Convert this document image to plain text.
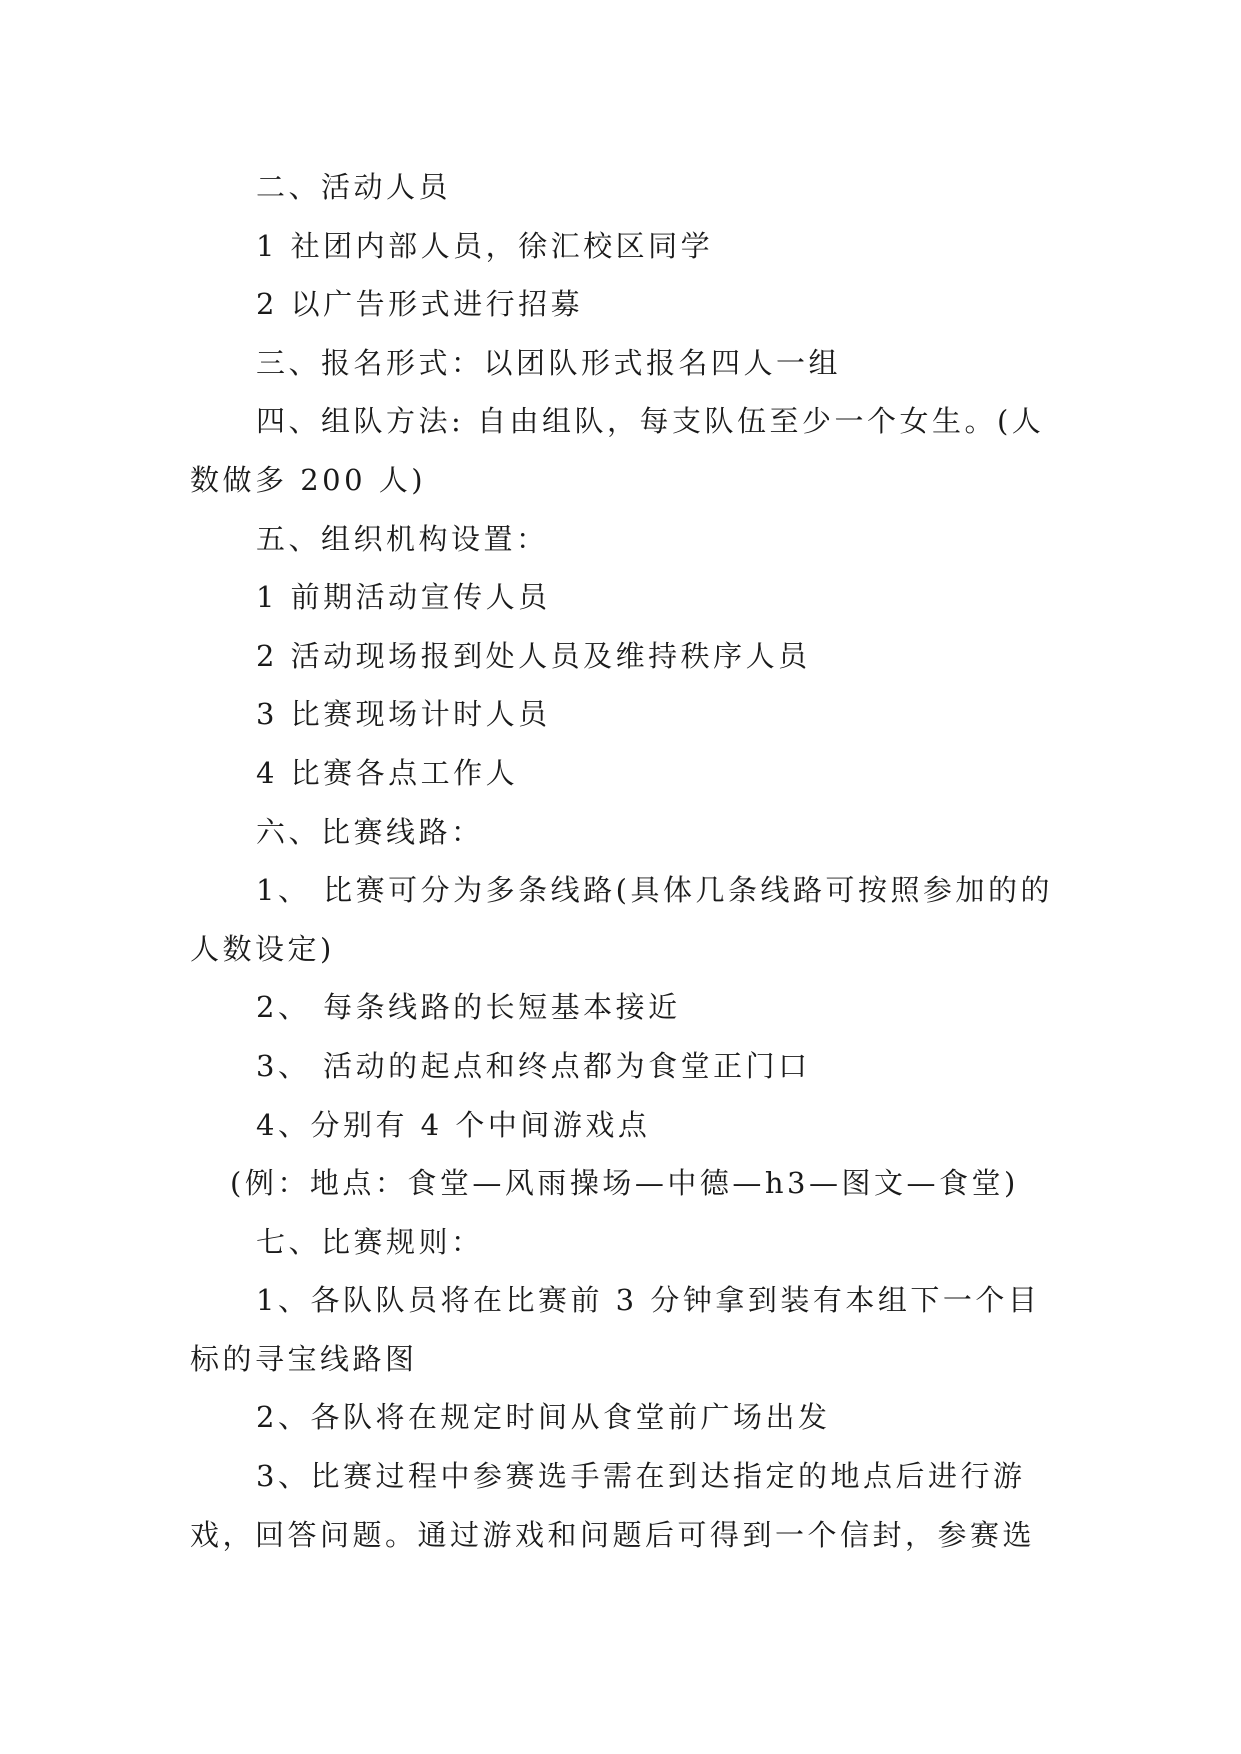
二、活动人员

1 社团内部人员，徐汇校区同学

2 以广告形式进行招募

三、报名形式：以团队形式报名四人一组

四、组队方法: 自由组队，每支队伍至少一个女生。(人数做多 200 人)

五、组织机构设置：

1 前期活动宣传人员

2 活动现场报到处人员及维持秩序人员

3 比赛现场计时人员

4 比赛各点工作人

六、比赛线路：

1、 比赛可分为多条线路(具体几条线路可按照参加的的人数设定)

2、 每条线路的长短基本接近

3、 活动的起点和终点都为食堂正门口

4、分别有 4 个中间游戏点

(例：地点：食堂—风雨操场—中德—h3—图文—食堂)

七、比赛规则：

1、各队队员将在比赛前 3 分钟拿到装有本组下一个目标的寻宝线路图

2、各队将在规定时间从食堂前广场出发

3、比赛过程中参赛选手需在到达指定的地点后进行游戏，回答问题。通过游戏和问题后可得到一个信封，参赛选
